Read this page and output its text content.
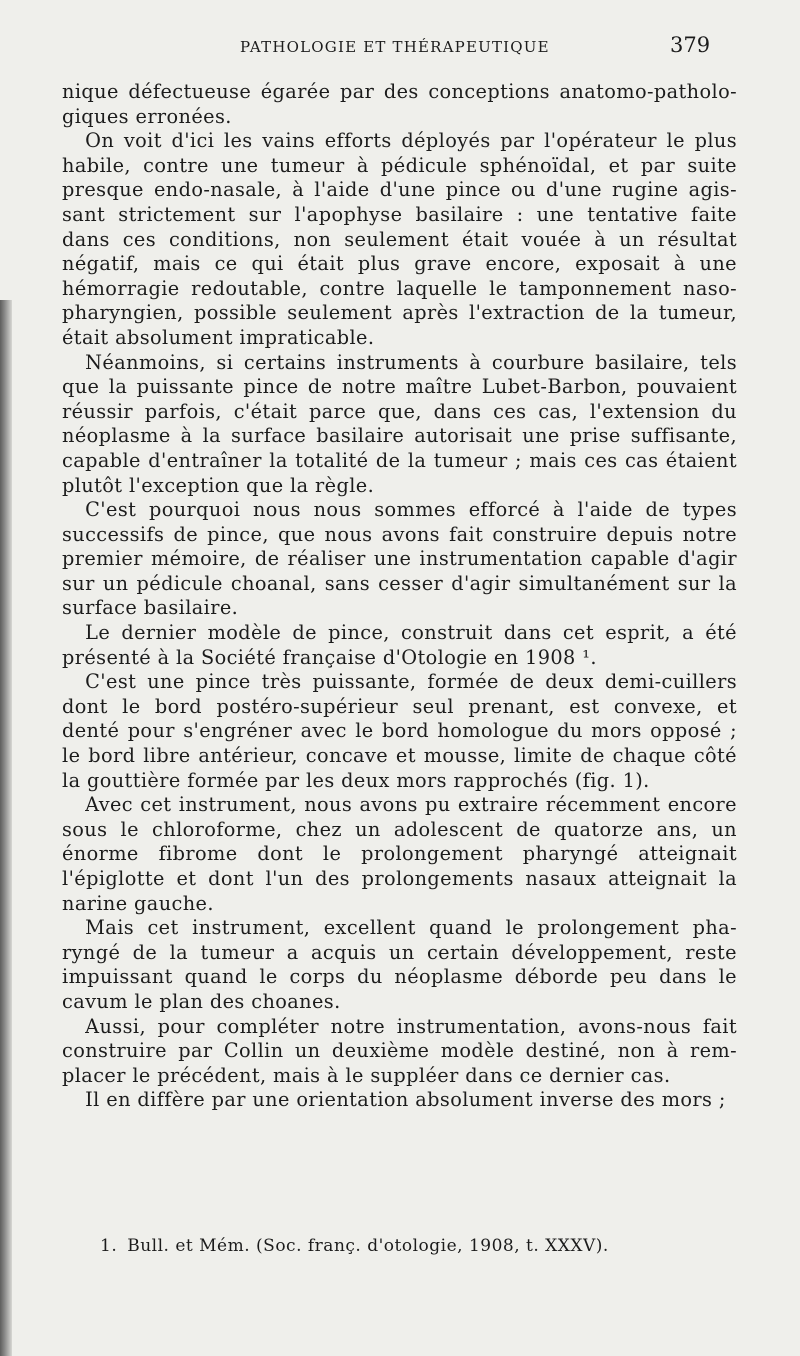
PATHOLOGIE ET THÉRAPEUTIQUE	379

nique défectueuse égarée par des conceptions anatomo-patholo-giques erronées.

On voit d'ici les vains efforts déployés par l'opérateur le plus habile, contre une tumeur à pédicule sphénoïdal, et par suite presque endo-nasale, à l'aide d'une pince ou d'une rugine agis-sant strictement sur l'apophyse basilaire : une tentative faite dans ces conditions, non seulement était vouée à un résultat négatif, mais ce qui était plus grave encore, exposait à une hémorragie redoutable, contre laquelle le tamponnement naso-pharyngien, possible seulement après l'extraction de la tumeur, était absolument impraticable.

Néanmoins, si certains instruments à courbure basilaire, tels que la puissante pince de notre maître Lubet-Barbon, pouvaient réussir parfois, c'était parce que, dans ces cas, l'extension du néoplasme à la surface basilaire autorisait une prise suffisante, capable d'entraîner la totalité de la tumeur ; mais ces cas étaient plutôt l'exception que la règle.

C'est pourquoi nous nous sommes efforcé à l'aide de types successifs de pince, que nous avons fait construire depuis notre premier mémoire, de réaliser une instrumentation capable d'agir sur un pédicule choanal, sans cesser d'agir simultanément sur la surface basilaire.

Le dernier modèle de pince, construit dans cet esprit, a été présenté à la Société française d'Otologie en 1908 ¹.

C'est une pince très puissante, formée de deux demi-cuillers dont le bord postéro-supérieur seul prenant, est convexe, et denté pour s'engréner avec le bord homologue du mors opposé ; le bord libre antérieur, concave et mousse, limite de chaque côté la gouttière formée par les deux mors rapprochés (fig. 1).

Avec cet instrument, nous avons pu extraire récemment encore sous le chloroforme, chez un adolescent de quatorze ans, un énorme fibrome dont le prolongement pharyngé atteignait l'épiglotte et dont l'un des prolongements nasaux atteignait la narine gauche.

Mais cet instrument, excellent quand le prolongement pha-ryngé de la tumeur a acquis un certain développement, reste impuissant quand le corps du néoplasme déborde peu dans le cavum le plan des choanes.

Aussi, pour compléter notre instrumentation, avons-nous fait construire par Collin un deuxième modèle destiné, non à rem-placer le précédent, mais à le suppléer dans ce dernier cas.

Il en diffère par une orientation absolument inverse des mors ;

1. Bull. et Mém. (Soc. franç. d'otologie, 1908, t. XXXV).
